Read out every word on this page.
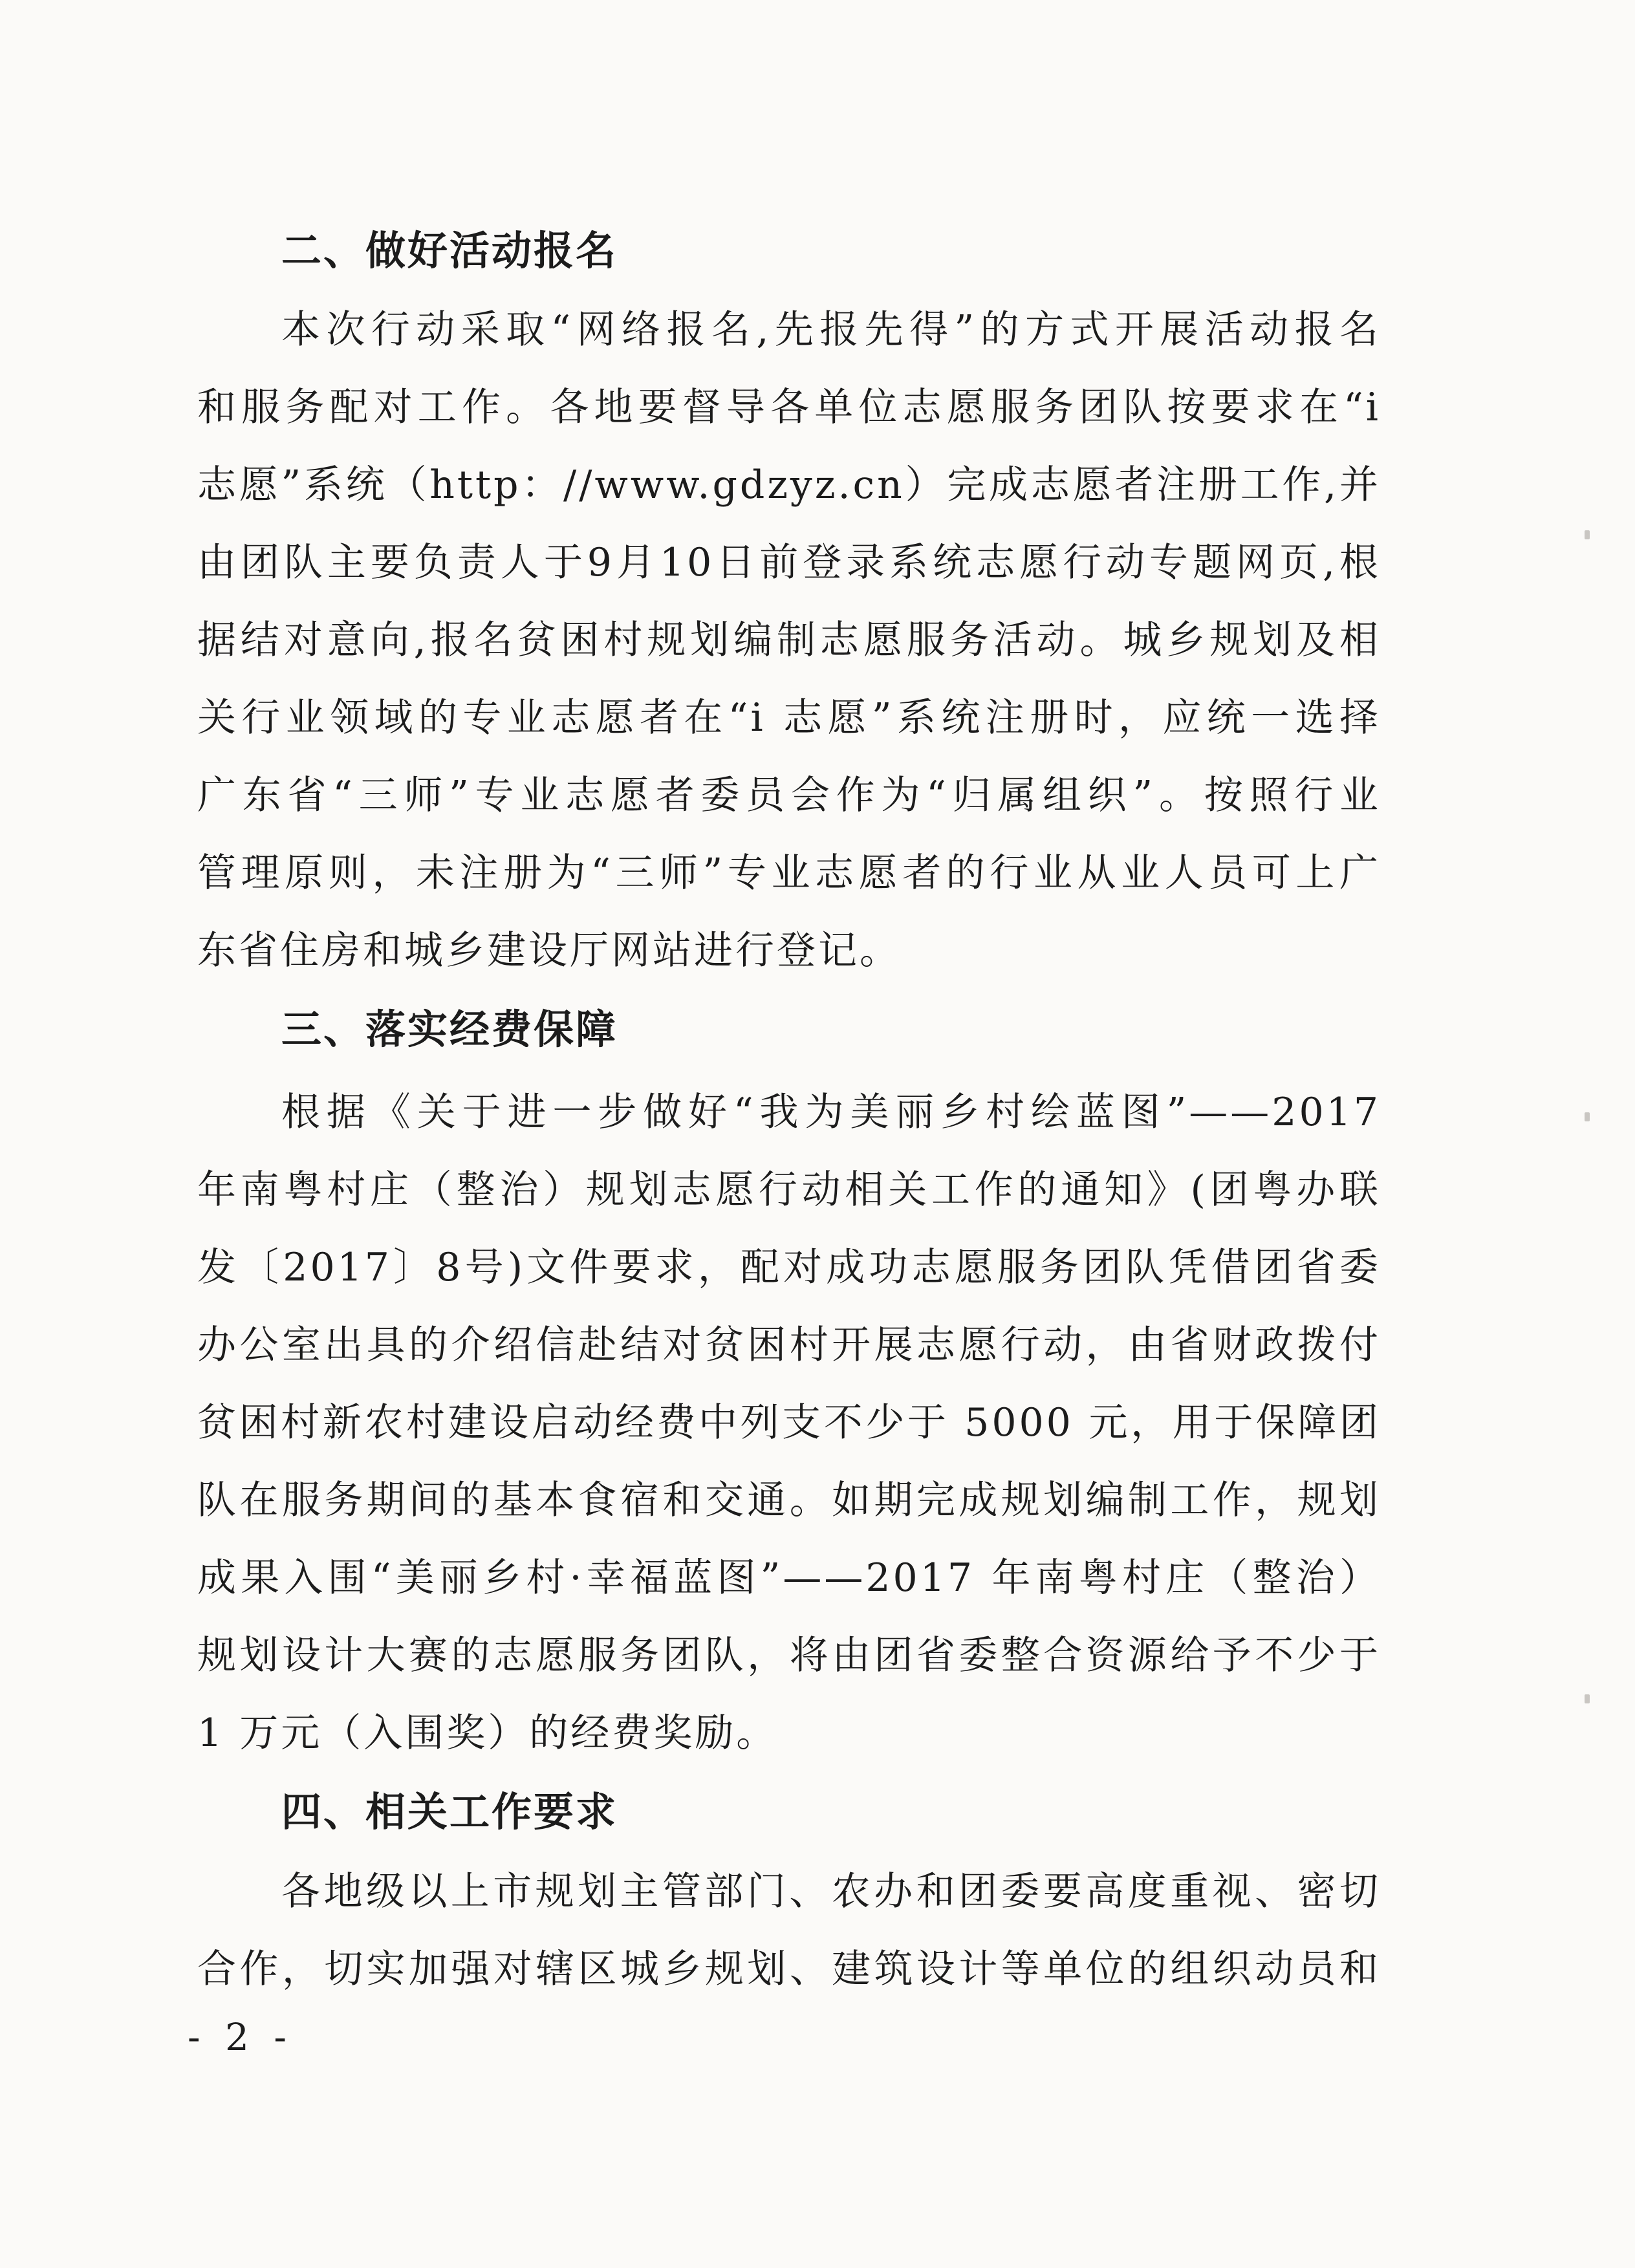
二、做好活动报名
本次行动采取“网络报名,先报先得”的方式开展活动报名
和服务配对工作。各地要督导各单位志愿服务团队按要求在“i
志愿”系统（http：//www.gdzyz.cn）完成志愿者注册工作,并
由团队主要负责人于9月10日前登录系统志愿行动专题网页,根
据结对意向,报名贫困村规划编制志愿服务活动。城乡规划及相
关行业领域的专业志愿者在“i 志愿”系统注册时，应统一选择
广东省“三师”专业志愿者委员会作为“归属组织”。按照行业
管理原则，未注册为“三师”专业志愿者的行业从业人员可上广
东省住房和城乡建设厅网站进行登记。
三、落实经费保障
根据《关于进一步做好“我为美丽乡村绘蓝图”——2017
年南粤村庄（整治）规划志愿行动相关工作的通知》(团粤办联
发〔2017〕8号)文件要求，配对成功志愿服务团队凭借团省委
办公室出具的介绍信赴结对贫困村开展志愿行动，由省财政拨付
贫困村新农村建设启动经费中列支不少于 5000 元，用于保障团
队在服务期间的基本食宿和交通。如期完成规划编制工作，规划
成果入围“美丽乡村·幸福蓝图”——2017 年南粤村庄（整治）
规划设计大赛的志愿服务团队，将由团省委整合资源给予不少于
1 万元（入围奖）的经费奖励。
四、相关工作要求
各地级以上市规划主管部门、农办和团委要高度重视、密切
合作，切实加强对辖区城乡规划、建筑设计等单位的组织动员和
- 2 -
